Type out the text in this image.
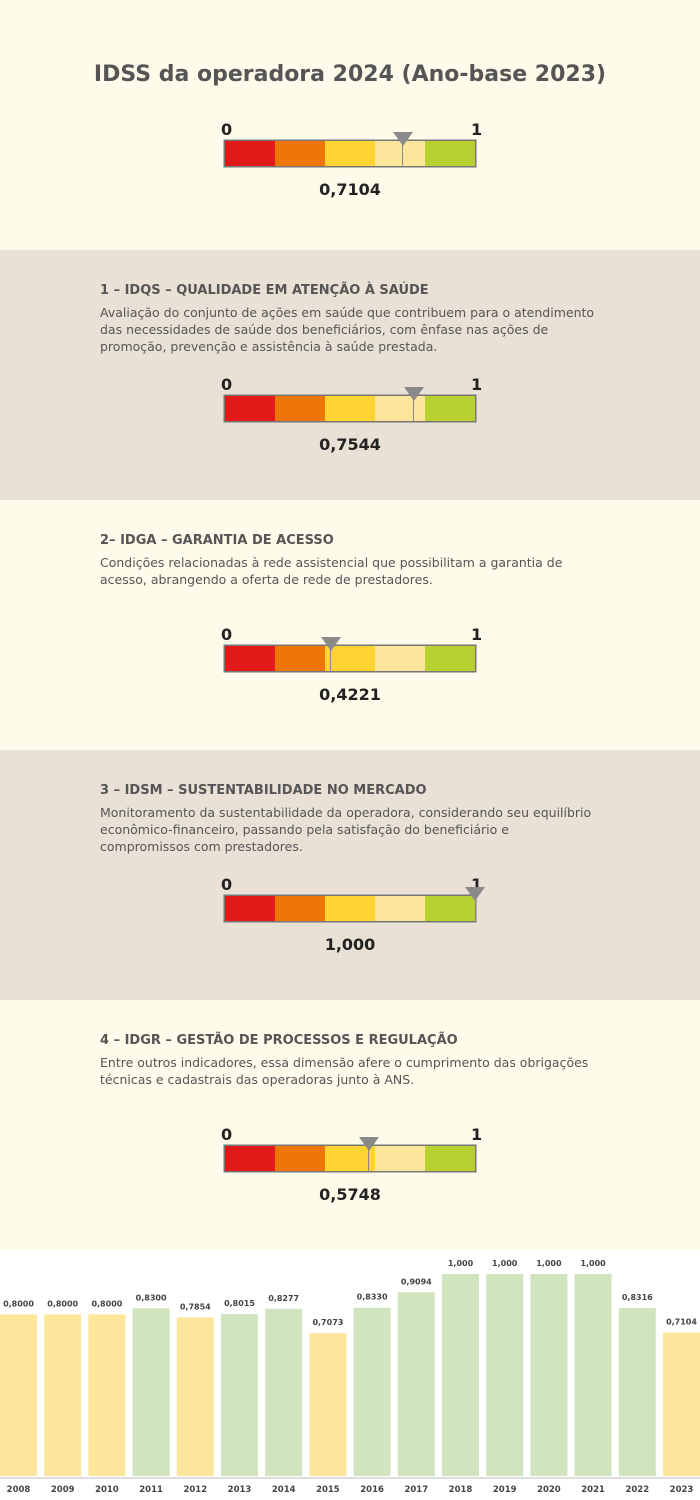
IDSS da operadora 2024 (Ano-base 2023)
0	1
0,7104
1 – IDQS – QUALIDADE EM ATENÇÃO À SAÚDE

Avaliação do conjunto de ações em saúde que contribuem para o atendimento das necessidades de saúde dos beneficiários, com ênfase nas ações de promoção, prevenção e assistência à saúde prestada.

0	1
0,7544
2– IDGA – GARANTIA DE ACESSO

Condições relacionadas à rede assistencial que possibilitam a garantia de acesso, abrangendo a oferta de rede de prestadores.

0	1
0,4221
3 – IDSM – SUSTENTABILIDADE NO MERCADO

Monitoramento da sustentabilidade da operadora, considerando seu equilíbrio econômico-financeiro, passando pela satisfação do beneficiário e compromissos com prestadores.

0	1
1,000
4 – IDGR – GESTÃO DE PROCESSOS E REGULAÇÃO

Entre outros indicadores, essa dimensão afere o cumprimento das obrigações técnicas e cadastrais das operadoras junto à ANS.

0	1
0,5748
0,8000
2008
0,8000
2009
0,8000
2010
0,8300
2011
0,7854
2012
0,8015
2013
0,8277
2014
0,7073
2015
0,8330
2016
0,9094
2017
1,000
2018
1,000
2019
1,000
2020
1,000
2021
0,8316
2022
0,7104
2023
